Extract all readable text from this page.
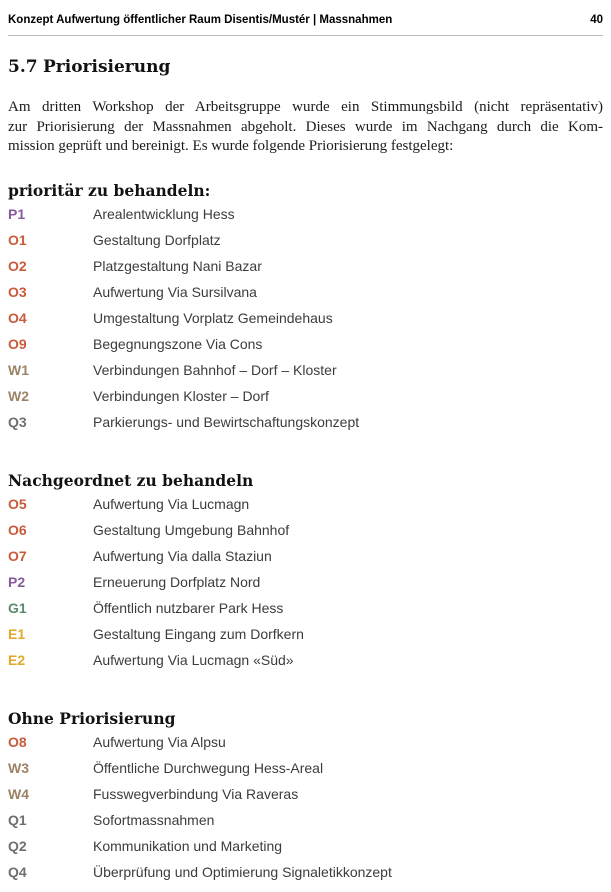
Konzept Aufwertung öffentlicher Raum Disentis/Mustér | Massnahmen	40
5.7 Priorisierung
Am dritten Workshop der Arbeitsgruppe wurde ein Stimmungsbild (nicht repräsentativ)
zur Priorisierung der Massnahmen abgeholt. Dieses wurde im Nachgang durch die Kom-
mission geprüft und bereinigt. Es wurde folgende Priorisierung festgelegt:
prioritär zu behandeln:
P1	Arealentwicklung Hess
O1	Gestaltung Dorfplatz
O2	Platzgestaltung Nani Bazar
O3	Aufwertung Via Sursilvana
O4	Umgestaltung Vorplatz Gemeindehaus
O9	Begegnungszone Via Cons
W1	Verbindungen Bahnhof – Dorf – Kloster
W2	Verbindungen Kloster – Dorf
Q3	Parkierungs- und Bewirtschaftungskonzept
Nachgeordnet zu behandeln
O5	Aufwertung Via Lucmagn
O6	Gestaltung Umgebung Bahnhof
O7	Aufwertung Via dalla Staziun
P2	Erneuerung Dorfplatz Nord
G1	Öffentlich nutzbarer Park Hess
E1	Gestaltung Eingang zum Dorfkern
E2	Aufwertung Via Lucmagn «Süd»
Ohne Priorisierung
O8	Aufwertung Via Alpsu
W3	Öffentliche Durchwegung Hess-Areal
W4	Fusswegverbindung Via Raveras
Q1	Sofortmassnahmen
Q2	Kommunikation und Marketing
Q4	Überprüfung und Optimierung Signaletikkonzept
